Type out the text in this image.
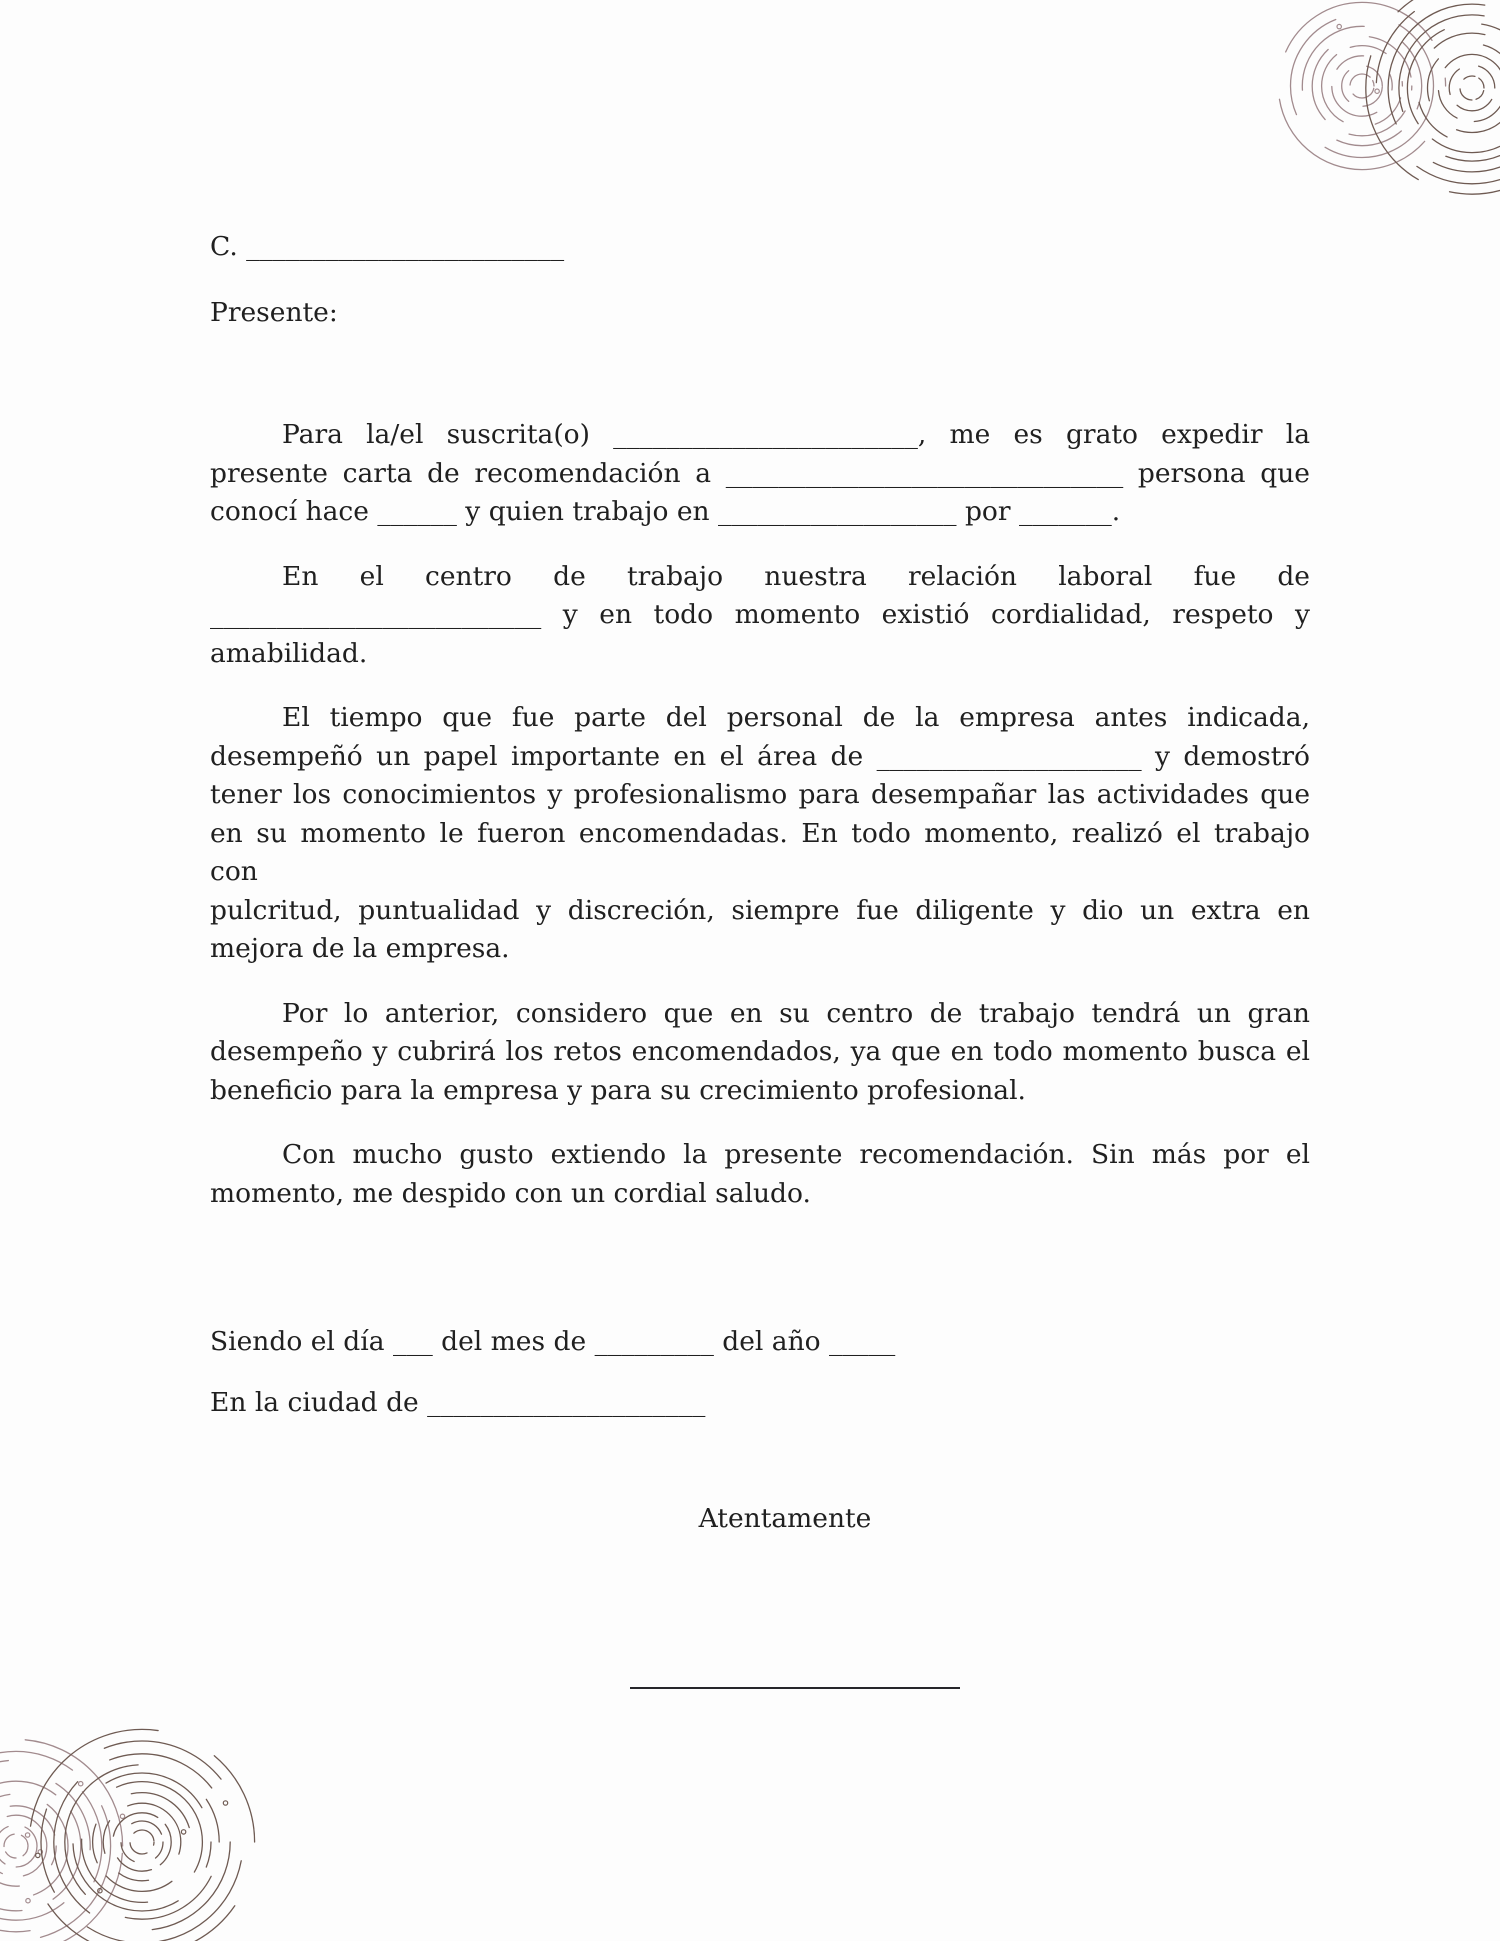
C. ________________________
Presente:
Para la/el suscrita(o) _______________________, me es grato expedir la
presente carta de recomendación a ______________________________ persona que
conocí hace ______ y quien trabajo en __________________ por _______.
En el centro de trabajo nuestra relación laboral fue de
_________________________ y en todo momento existió cordialidad, respeto y
amabilidad.
El tiempo que fue parte del personal de la empresa antes indicada,
desempeñó un papel importante en el área de ____________________ y demostró
tener los conocimientos y profesionalismo para desempañar las actividades que
en su momento le fueron encomendadas. En todo momento, realizó el trabajo con
pulcritud, puntualidad y discreción, siempre fue diligente y dio un extra en
mejora de la empresa.
Por lo anterior, considero que en su centro de trabajo tendrá un gran
desempeño y cubrirá los retos encomendados, ya que en todo momento busca el
beneficio para la empresa y para su crecimiento profesional.
Con mucho gusto extiendo la presente recomendación. Sin más por el
momento, me despido con un cordial saludo.
Siendo el día ___ del mes de _________ del año _____
En la ciudad de _____________________
Atentamente
